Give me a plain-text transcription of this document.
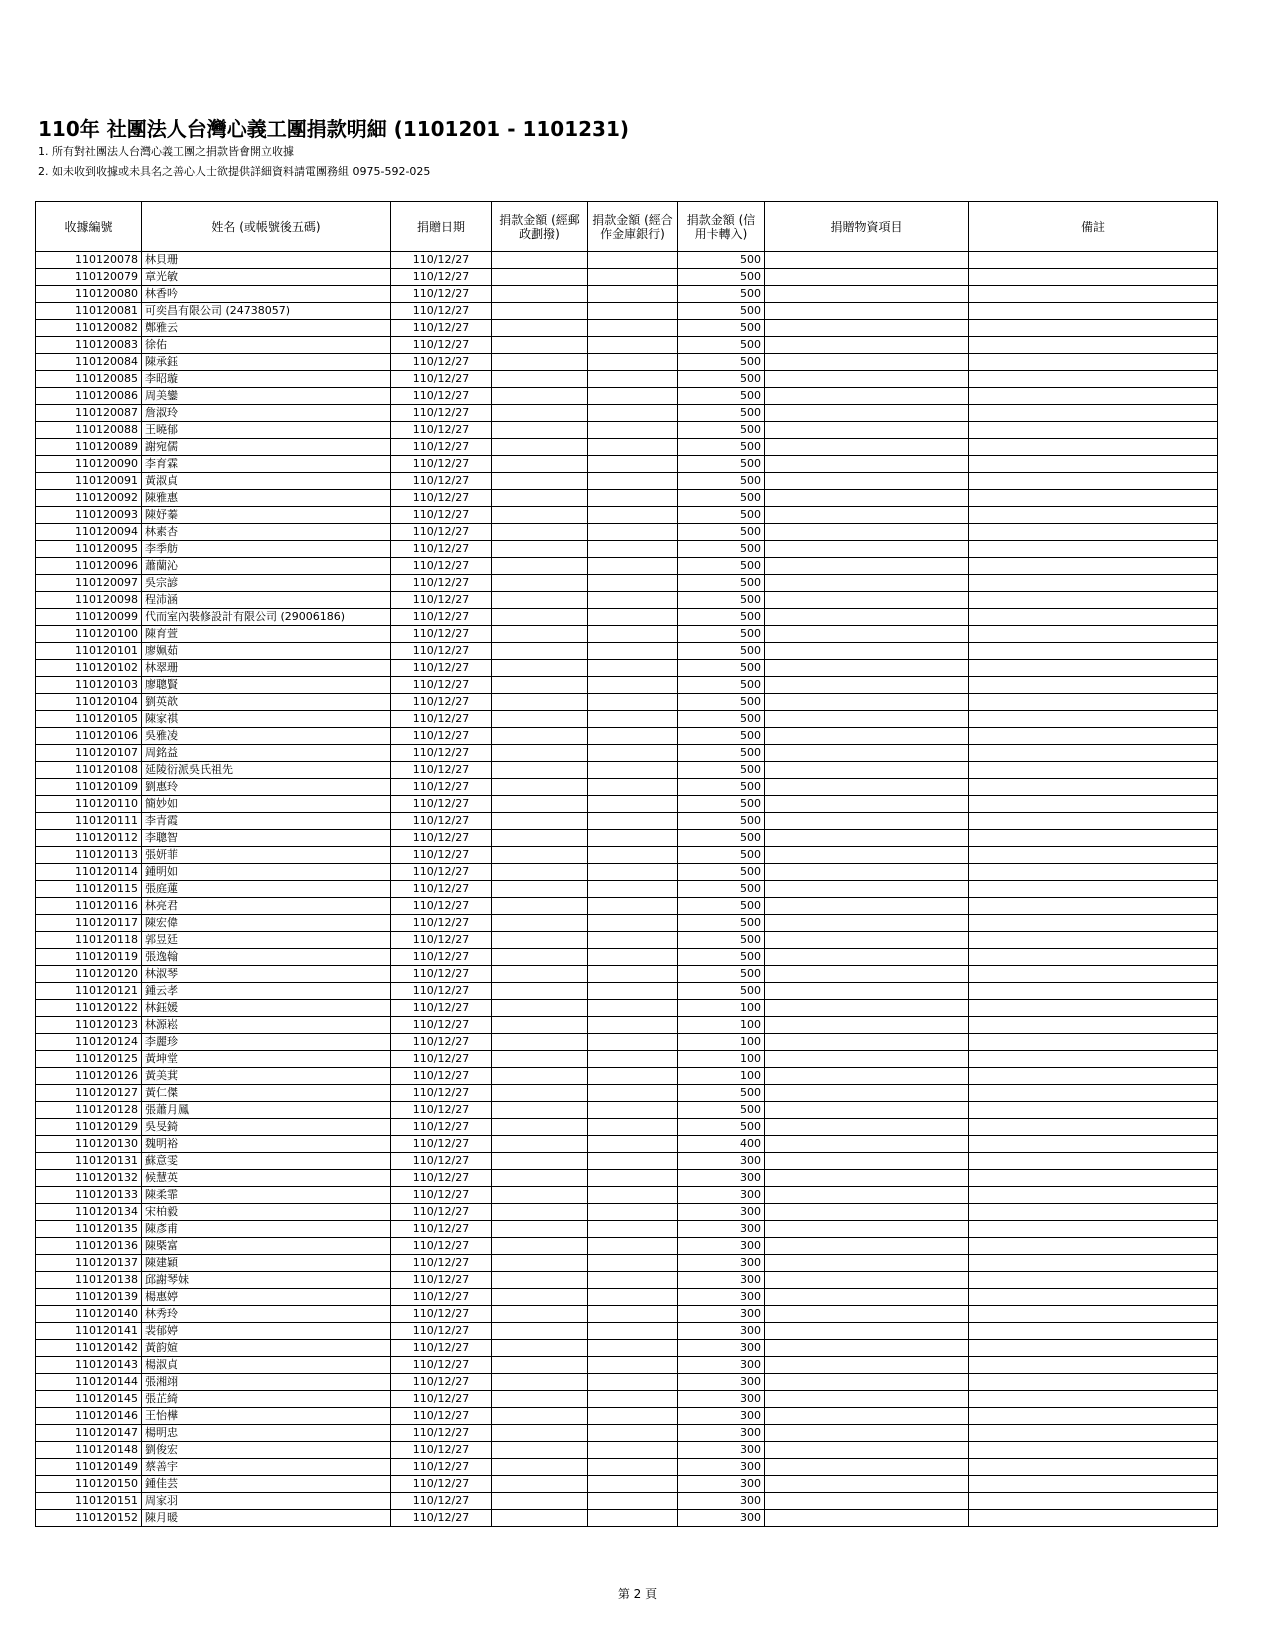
110年 社團法人台灣心義工團捐款明細 (1101201 - 1101231)
1. 所有對社團法人台灣心義工團之捐款皆會開立收據
2. 如未收到收據或未具名之善心人士欲提供詳細資料請電團務組 0975-592-025
收據編號	姓名 (或帳號後五碼)	捐贈日期	捐款金額 (經郵政劃撥)	捐款金額 (經合作金庫銀行)	捐款金額 (信用卡轉入)	捐贈物資項目	備註
110120078	林貝珊	110/12/27			500		
110120079	章光敏	110/12/27			500		
110120080	林香吟	110/12/27			500		
110120081	可奕昌有限公司 (24738057)	110/12/27			500		
110120082	鄭雅云	110/12/27			500		
110120083	徐佑	110/12/27			500		
110120084	陳承鈺	110/12/27			500		
110120085	李昭璇	110/12/27			500		
110120086	周美鑾	110/12/27			500		
110120087	詹淑玲	110/12/27			500		
110120088	王曉郁	110/12/27			500		
110120089	謝宛儒	110/12/27			500		
110120090	李育霖	110/12/27			500		
110120091	黃淑貞	110/12/27			500		
110120092	陳雅惠	110/12/27			500		
110120093	陳妤蓁	110/12/27			500		
110120094	林素杏	110/12/27			500		
110120095	李季舫	110/12/27			500		
110120096	蕭蘭沁	110/12/27			500		
110120097	吳宗諺	110/12/27			500		
110120098	程沛涵	110/12/27			500		
110120099	代而室內裝修設計有限公司 (29006186)	110/12/27			500		
110120100	陳育萱	110/12/27			500		
110120101	廖姵茹	110/12/27			500		
110120102	林翠珊	110/12/27			500		
110120103	廖聰賢	110/12/27			500		
110120104	劉英歆	110/12/27			500		
110120105	陳家祺	110/12/27			500		
110120106	吳雅凌	110/12/27			500		
110120107	周銘益	110/12/27			500		
110120108	延陵衍派吳氏祖先	110/12/27			500		
110120109	劉惠玲	110/12/27			500		
110120110	簡妙如	110/12/27			500		
110120111	李青霞	110/12/27			500		
110120112	李聰智	110/12/27			500		
110120113	張妍菲	110/12/27			500		
110120114	鍾明如	110/12/27			500		
110120115	張庭蓮	110/12/27			500		
110120116	林亮君	110/12/27			500		
110120117	陳宏偉	110/12/27			500		
110120118	郭昱廷	110/12/27			500		
110120119	張逸翰	110/12/27			500		
110120120	林淑琴	110/12/27			500		
110120121	鍾云孝	110/12/27			500		
110120122	林鈺媛	110/12/27			100		
110120123	林源崧	110/12/27			100		
110120124	李麗珍	110/12/27			100		
110120125	黃坤堂	110/12/27			100		
110120126	黃美萁	110/12/27			100		
110120127	黃仁傑	110/12/27			500		
110120128	張蕭月鳳	110/12/27			500		
110120129	吳旻錡	110/12/27			500		
110120130	魏明裕	110/12/27			400		
110120131	蘇意雯	110/12/27			300		
110120132	候慧英	110/12/27			300		
110120133	陳柔霏	110/12/27			300		
110120134	宋柏毅	110/12/27			300		
110120135	陳彥甫	110/12/27			300		
110120136	陳槩富	110/12/27			300		
110120137	陳建穎	110/12/27			300		
110120138	邱謝琴妹	110/12/27			300		
110120139	楊惠婷	110/12/27			300		
110120140	林秀玲	110/12/27			300		
110120141	裴郁婷	110/12/27			300		
110120142	黃韵媗	110/12/27			300		
110120143	楊淑貞	110/12/27			300		
110120144	張湘翊	110/12/27			300		
110120145	張芷綺	110/12/27			300		
110120146	王怡樺	110/12/27			300		
110120147	楊明忠	110/12/27			300		
110120148	劉俊宏	110/12/27			300		
110120149	蔡善宇	110/12/27			300		
110120150	鍾佳芸	110/12/27			300		
110120151	周家羽	110/12/27			300		
110120152	陳月暖	110/12/27			300		
第 2 頁
